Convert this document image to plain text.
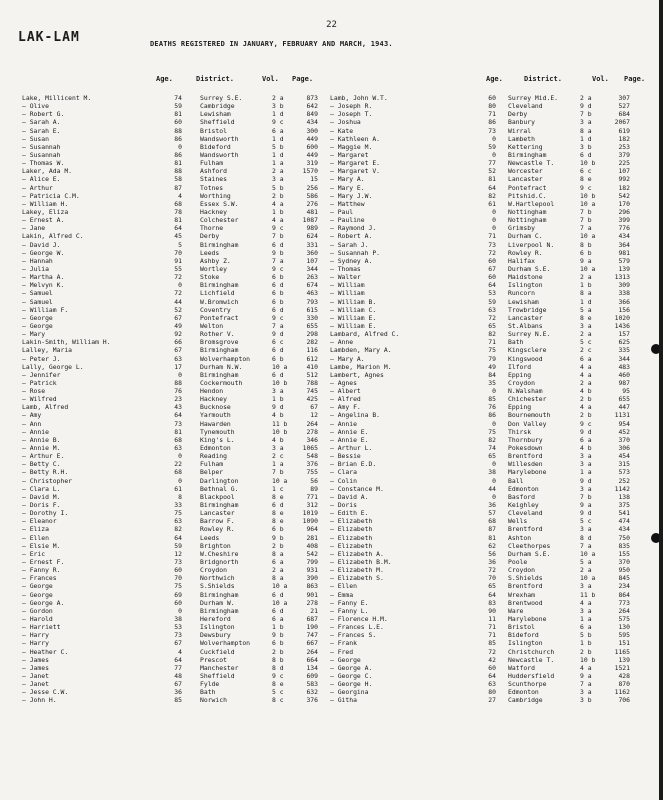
22
LAK-LAM	DEATHS REGISTERED IN JANUARY, FEBRUARY AND MARCH, 1943.
Age.	District.	Vol. Page.	Age.	District.	Vol. Page.
Lake, Millicent M.	74	Surrey S.E.	2 a	873
— Olive	59	Cambridge	3 b	642
— Robert G.	81	Lewisham	1 d	849
— Sarah A.	60	Sheffield	9 c	434
— Sarah E.	88	Bristol	6 a	300
— Susan	86	Wandsworth	1 d	449
— Susannah	0	Bideford	5 b	600
— Susannah	86	Wandsworth	1 d	449
— Thomas W.	81	Fulham	1 a	319
Laker, Ada M.	88	Ashford	2 a	1570
— Alice E.	58	Staines	3 a	15
— Arthur	87	Totnes	5 b	256
— Patricia C.M.	4	Worthing	2 b	586
— William H.	68	Essex S.W.	4 a	276
Lakey, Eliza	78	Hackney	1 b	481
— Ernest A.	81	Colchester	4 a	1087
— Jane	64	Thorne	9 c	989
Lakin, Alfred C.	45	Derby	7 b	624
— David J.	5	Birmingham	6 d	331
— George W.	70	Leeds	9 b	360
— Hannah	91	Ashby Z.	7 a	107
— Julia	55	Wortley	9 c	344
— Martha A.	72	Stoke	6 b	263
— Melvyn K.	0	Birmingham	6 d	674
— Samuel	72	Lichfield	6 b	463
— Samuel	44	W.Bromwich	6 b	793
— William F.	52	Coventry	6 d	615
— George	67	Pontefract	9 c	330
— George	49	Welton	7 a	655
— Mary	92	Rother V.	9 d	298
Lakin-Smith, William H.	66	Bromsgrove	6 c	282
Lalley, Maria	67	Birmingham	6 d	116
— Peter J.	63	Wolverhampton	6 b	612
Lally, George L.	17	Durham N.W.	10 a	410
— Jennifer	0	Birmingham	6 d	512
— Patrick	88	Cockermouth	10 b	788
— Rose	76	Hendon	3 a	745
— Wilfred	23	Hackney	1 b	425
Lamb, Alfred	43	Bucknose	9 d	67
— Amy	64	Yarmouth	4 b	12
— Ann	73	Hawarden	11 b	264
— Annie	81	Tynemouth	10 b	278
— Annie B.	68	King's L.	4 b	346
— Annie M.	63	Edmonton	3 a	1065
— Arthur E.	0	Reading	2 c	548
— Betty C.	22	Fulham	1 a	376
— Betty R.H.	68	Belper	7 b	755
— Christopher	0	Darlington	10 a	56
— Clara L.	61	Bethnal G.	1 c	89
— David M.	8	Blackpool	8 e	771
— Doris F.	33	Birmingham	6 d	312
— Dorothy I.	75	Lancaster	8 e	1019
— Eleanor	63	Barrow F.	8 e	1090
— Eliza	82	Rowley R.	6 b	964
— Ellen	64	Leeds	9 b	281
— Elsie M.	59	Brighton	2 b	408
— Eric	12	W.Cheshire	8 a	542
— Ernest F.	73	Bridgnorth	6 a	799
— Fanny R.	60	Croydon	2 a	931
— Frances	70	Northwich	8 a	390
— George	75	S.Shields	10 a	863
— George	69	Birmingham	6 d	901
— George A.	60	Durham W.	10 a	278
— Gordon	0	Birmingham	6 d	21
— Harold	38	Hereford	6 a	687
— Harriett	53	Islington	1 b	190
— Harry	73	Dewsbury	9 b	747
— Harry	67	Wolverhampton	6 b	667
— Heather C.	4	Cuckfield	2 b	264
— James	64	Prescot	8 b	664
— James	77	Manchester	8 d	134
— Janet	48	Sheffield	9 c	609
— Janet	67	Fylde	8 e	583
— Jesse C.W.	36	Bath	5 c	632
— John H.	85	Norwich	8 c	376
Lamb, John W.T.	60 Surrey Mid.E.	2 a	307
— Joseph R.	80 Cleveland	9 d	527
— Joseph T.	71 Derby	7 b	684
— Joshua	86 Banbury	3 a	2067
— Kate	73 Wirral	8 a	619
— Kathleen A.	0 Lambeth	1 d	182
— Maggie M.	59 Kettering	3 b	253
— Margaret	0 Birmingham	6 d	379
— Margaret E.	77 Newcastle T.	10 b	225
— Margaret V.	52 Worcester	6 c	107
— Mary A.	81 Lancaster	8 e	992
— Mary E.	64 Pontefract	9 c	182
— Mary J.W.	82 Pitshid.C.	10 b	542
— Matthew	61 W.Hartlepool	10 a	170
— Paul	0 Nottingham	7 b	296
— Pauline	0 Nottingham	7 b	399
— Raymond J.	0 Grimsby	7 a	776
— Robert A.	71 Durham C.	10 a	434
— Sarah J.	73 Liverpool N.	8 b	364
— Susannah P.	72 Rowley R.	6 b	981
— Sydney A.	60 Halifax	9 a	579
— Thomas	67 Durham S.E.	10 a	139
— Walter	60 Maidstone	2 a	1313
— William	64 Islington	1 b	309
— William	53 Runcorn	8 a	338
— William B.	59 Lewisham	1 d	366
— William C.	63 Trowbridge	5 a	156
— William E.	72 Lancaster	8 e	1020
— William E.	65 St.Albans	3 a	1436
Lambard, Alfred C.	82 Surrey N.E.	2 a	157
— Anne	71 Bath	5 c	625
Lambden, Mary A.	75 Kingsclere	2 c	335
— Mary A.	79 Kingswood	6 a	344
Lambe, Marion M.	49 Ilford	4 a	483
Lambert, Agnes	84 Epping	4 a	460
— Agnes	35 Croydon	2 a	987
— Albert	0 N.Walsham	4 b	95
— Alfred	85 Chichester	2 b	655
— Amy F.	76 Epping	4 a	447
— Angelina B.	86 Bournemouth	2 b	1131
— Annie	0 Don Valley	9 c	954
— Annie E.	75 Thirsk	9 d	452
— Annie E.	82 Thornbury	6 a	370
— Arthur L.	74 Pokesdown	4 b	306
— Bessie	65 Brentford	3 a	454
— Brian E.D.	0 Willesden	3 a	315
— Clara	38 Marylebone	1 a	573
— Colin	0 Ball	9 d	252
— Constance M.	44 Edmonton	3 a	1142
— David A.	0 Basford	7 b	138
— Doris	36 Keighley	9 a	375
— Edith E.	57 Cleveland	9 d	541
— Elizabeth	68 Wells	5 c	474
— Elizabeth	87 Brentford	3 a	434
— Elizabeth	81 Ashton	8 d	750
— Elizabeth	62 Cleethorpes	7 a	835
— Elizabeth A.	56 Durham S.E.	10 a	155
— Elizabeth B.M.	36 Poole	5 a	370
— Elizabeth M.	72 Croydon	2 a	950
— Elizabeth S.	70 S.Shields	10 a	845
— Ellen	65 Brentford	3 a	234
— Emma	64 Wrexham	11 b	864
— Fanny E.	83 Brentwood	4 a	773
— Fanny L.	90 Ware	3 a	264
— Florence H.M.	11 Marylebone	1 a	575
— Frances L.E.	71 Bristol	6 a	130
— Frances S.	71 Bideford	5 b	595
— Frank	85 Islington	1 b	151
— Fred	72 Christchurch	2 b	1165
— George	42 Newcastle T.	10 b	139
— George A.	60 Watford	4 a	1521
— George C.	64 Huddersfield	9 a	428
— George H.	63 Scunthorpe	7 a	870
— Georgina	80 Edmonton	3 a	1162
— Githa	27 Cambridge	3 b	706
